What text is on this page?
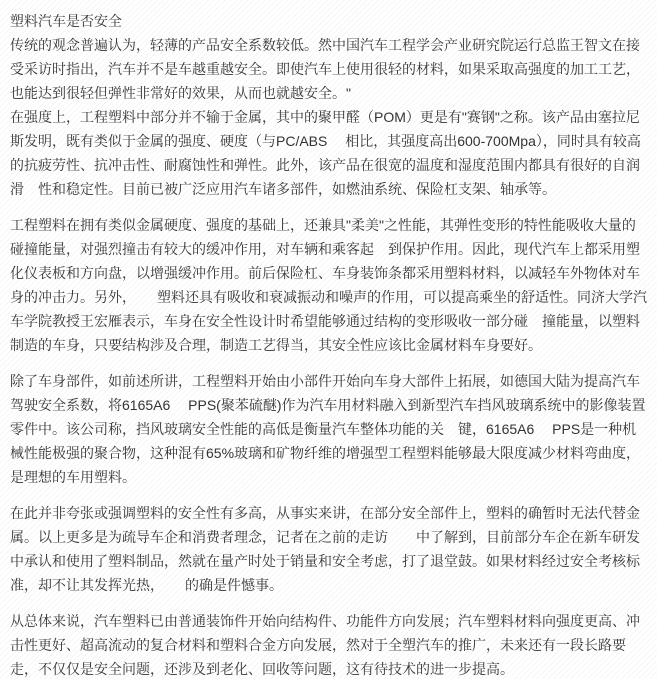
塑料汽车是否安全

传统的观念普遍认为，轻薄的产品安全系数较低。然中国汽车工程学会产业研究院运行总监王智文在接受采访时指出，汽车并不是车越重越安全。即使汽车上使用很轻的材料，如果采取高强度的加工工艺，也能达到很轻但弹性非常好的效果，从而也就越安全。"

在强度上，工程塑料中部分并不输于金属，其中的聚甲醛（POM）更是有"赛钢"之称。该产品由塞拉尼斯发明，既有类似于金属的强度、硬度（与PC/ABS　 相比，其强度高出600-700Mpa），同时具有较高的抗疲劳性、抗冲击性、耐腐蚀性和弹性。此外，该产品在很宽的温度和湿度范围内都具有很好的自润滑　性和稳定性。目前已被广泛应用汽车诸多部件，如燃油系统、保险杠支架、轴承等。

工程塑料在拥有类似金属硬度、强度的基础上，还兼具"柔美"之性能，其弹性变形的特性能吸收大量的碰撞能量，对强烈撞击有较大的缓冲作用，对车辆和乘客起　到保护作用。因此，现代汽车上都采用塑化仪表板和方向盘，以增强缓冲作用。前后保险杠、车身装饰条都采用塑料材料，以减轻车外物体对车身的冲击力。另外，　　塑料还具有吸收和衰减振动和噪声的作用，可以提高乘坐的舒适性。同济大学汽车学院教授王宏雁表示，车身在安全性设计时希望能够通过结构的变形吸收一部分碰　撞能量，以塑料制造的车身，只要结构涉及合理，制造工艺得当，其安全性应该比金属材料车身要好。

除了车身部件，如前述所讲，工程塑料开始由小部件开始向车身大部件上拓展，如德国大陆为提高汽车驾驶安全系数，将6165A6　 PPS(聚苯硫醚)作为汽车用材料融入到新型汽车挡风玻璃系统中的影像装置零件中。该公司称，挡风玻璃安全性能的高低是衡量汽车整体功能的关　键，6165A6　 PPS是一种机械性能极强的聚合物，这种混有65%玻璃和矿物纤维的增强型工程塑料能够最大限度减少材料弯曲度，是理想的车用塑料。

在此并非夸张或强调塑料的安全性有多高，从事实来讲，在部分安全部件上，塑料的确暂时无法代替金属。以上更多是为疏导车企和消费者理念，记者在之前的走访　　中了解到，目前部分车企在新车研发中承认和使用了塑料制品，然就在量产时处于销量和安全考虑，打了退堂鼓。如果材料经过安全考核标准，却不让其发挥光热，　　的确是件憾事。

从总体来说，汽车塑料已由普通装饰件开始向结构件、功能件方向发展；汽车塑料材料向强度更高、冲击性更好、超高流动的复合材料和塑料合金方向发展，然对于全塑汽车的推广，未来还有一段长路要走，不仅仅是安全问题，还涉及到老化、回收等问题，这有待技术的进一步提高。
